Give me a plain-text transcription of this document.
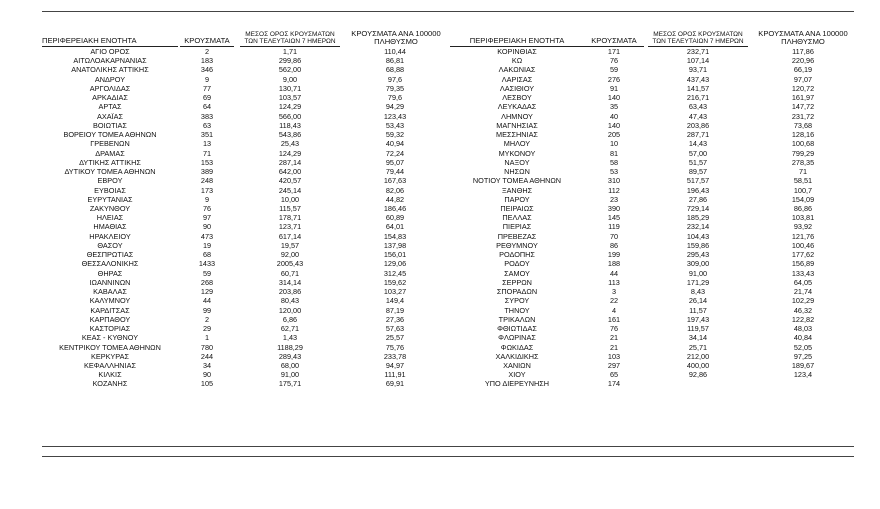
ΠΕΡΙΦΕΡΕΙΑΚΗ ΕΝΟΤΗΤΑ	ΚΡΟΥΣΜΑΤΑ
ΜΕΣΟΣ ΟΡΟΣ ΚΡΟΥΣΜΑΤΩΝ
ΤΩΝ ΤΕΛΕΥΤΑΙΩΝ 7 ΗΜΕΡΩΝ
ΚΡΟΥΣΜΑΤΑ ΑΝΑ 100000
ΠΛΗΘΥΣΜΟ
ΑΓΙΟ ΟΡΟΣ	2	1,71	110,44
ΑΙΤΩΛΟΑΚΑΡΝΑΝΙΑΣ	183	299,86	86,81
ΑΝΑΤΟΛΙΚΗΣ ΑΤΤΙΚΗΣ	346	562,00	68,88
ΑΝΔΡΟΥ	9	9,00	97,6
ΑΡΓΟΛΙΔΑΣ	77	130,71	79,35
ΑΡΚΑΔΙΑΣ	69	103,57	79,6
ΑΡΤΑΣ	64	124,29	94,29
ΑΧΑΪΑΣ	383	566,00	123,43
ΒΟΙΩΤΙΑΣ	63	118,43	53,43
ΒΟΡΕΙΟΥ ΤΟΜΕΑ ΑΘΗΝΩΝ	351	543,86	59,32
ΓΡΕΒΕΝΩΝ	13	25,43	40,94
ΔΡΑΜΑΣ	71	124,29	72,24
ΔΥΤΙΚΗΣ ΑΤΤΙΚΗΣ	153	287,14	95,07
ΔΥΤΙΚΟΥ ΤΟΜΕΑ ΑΘΗΝΩΝ	389	642,00	79,44
ΕΒΡΟΥ	248	420,57	167,63
ΕΥΒΟΙΑΣ	173	245,14	82,06
ΕΥΡΥΤΑΝΙΑΣ	9	10,00	44,82
ΖΑΚΥΝΘΟΥ	76	115,57	186,46
ΗΛΕΙΑΣ	97	178,71	60,89
ΗΜΑΘΙΑΣ	90	123,71	64,01
ΗΡΑΚΛΕΙΟΥ	473	617,14	154,83
ΘΑΣΟΥ	19	19,57	137,98
ΘΕΣΠΡΩΤΙΑΣ	68	92,00	156,01
ΘΕΣΣΑΛΟΝΙΚΗΣ	1433	2005,43	129,06
ΘΗΡΑΣ	59	60,71	312,45
ΙΩΑΝΝΙΝΩΝ	268	314,14	159,62
ΚΑΒΑΛΑΣ	129	203,86	103,27
ΚΑΛΥΜΝΟΥ	44	80,43	149,4
ΚΑΡΔΙΤΣΑΣ	99	120,00	87,19
ΚΑΡΠΑΘΟΥ	2	6,86	27,36
ΚΑΣΤΟΡΙΑΣ	29	62,71	57,63
ΚΕΑΣ - ΚΥΘΝΟΥ	1	1,43	25,57
ΚΕΝΤΡΙΚΟΥ ΤΟΜΕΑ ΑΘΗΝΩΝ	780	1188,29	75,76
ΚΕΡΚΥΡΑΣ	244	289,43	233,78
ΚΕΦΑΛΛΗΝΙΑΣ	34	68,00	94,97
ΚΙΛΚΙΣ	90	91,00	111,91
ΚΟΖΑΝΗΣ	105	175,71	69,91
ΠΕΡΙΦΕΡΕΙΑΚΗ ΕΝΟΤΗΤΑ	ΚΡΟΥΣΜΑΤΑ
ΜΕΣΟΣ ΟΡΟΣ ΚΡΟΥΣΜΑΤΩΝ
ΤΩΝ ΤΕΛΕΥΤΑΙΩΝ 7 ΗΜΕΡΩΝ
ΚΡΟΥΣΜΑΤΑ ΑΝΑ 100000
ΠΛΗΘΥΣΜΟ
ΚΟΡΙΝΘΙΑΣ	171	232,71	117,86
ΚΩ	76	107,14	220,96
ΛΑΚΩΝΙΑΣ	59	93,71	66,19
ΛΑΡΙΣΑΣ	276	437,43	97,07
ΛΑΣΙΘΙΟΥ	91	141,57	120,72
ΛΕΣΒΟΥ	140	216,71	161,97
ΛΕΥΚΑΔΑΣ	35	63,43	147,72
ΛΗΜΝΟΥ	40	47,43	231,72
ΜΑΓΝΗΣΙΑΣ	140	203,86	73,68
ΜΕΣΣΗΝΙΑΣ	205	287,71	128,16
ΜΗΛΟΥ	10	14,43	100,68
ΜΥΚΟΝΟΥ	81	57,00	799,29
ΝΑΞΟΥ	58	51,57	278,35
ΝΗΣΩΝ	53	89,57	71
ΝΟΤΙΟΥ ΤΟΜΕΑ ΑΘΗΝΩΝ	310	517,57	58,51
ΞΑΝΘΗΣ	112	196,43	100,7
ΠΑΡΟΥ	23	27,86	154,09
ΠΕΙΡΑΙΩΣ	390	729,14	86,86
ΠΕΛΛΑΣ	145	185,29	103,81
ΠΙΕΡΙΑΣ	119	232,14	93,92
ΠΡΕΒΕΖΑΣ	70	104,43	121,76
ΡΕΘΥΜΝΟΥ	86	159,86	100,46
ΡΟΔΟΠΗΣ	199	295,43	177,62
ΡΟΔΟΥ	188	309,00	156,89
ΣΑΜΟΥ	44	91,00	133,43
ΣΕΡΡΩΝ	113	171,29	64,05
ΣΠΟΡΑΔΩΝ	3	8,43	21,74
ΣΥΡΟΥ	22	26,14	102,29
ΤΗΝΟΥ	4	11,57	46,32
ΤΡΙΚΑΛΩΝ	161	197,43	122,82
ΦΘΙΩΤΙΔΑΣ	76	119,57	48,03
ΦΛΩΡΙΝΑΣ	21	34,14	40,84
ΦΩΚΙΔΑΣ	21	25,71	52,05
ΧΑΛΚΙΔΙΚΗΣ	103	212,00	97,25
ΧΑΝΙΩΝ	297	400,00	189,67
ΧΙΟΥ	65	92,86	123,4
ΥΠΟ ΔΙΕΡΕΥΝΗΣΗ	174		
